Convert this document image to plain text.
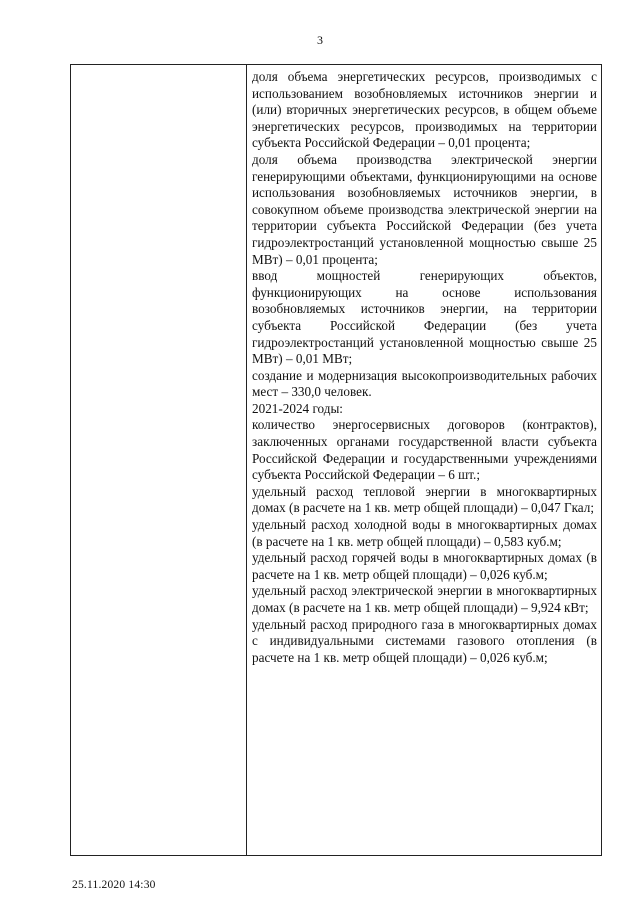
3

доля объема энергетических ресурсов, производимых с использованием возобновляемых источников энергии и (или) вторичных энергетических ресурсов, в общем объеме энергетических ресурсов, производимых на территории субъекта Российской Федерации – 0,01 процента;

доля объема производства электрической энергии генерирующими объектами, функционирующими на основе использования возобновляемых источников энергии, в совокупном объеме производства электрической энергии на территории субъекта Российской Федерации (без учета гидроэлектростанций установленной мощностью свыше 25 МВт) – 0,01 процента;

ввод мощностей генерирующих объектов, функционирующих на основе использования возобновляемых источников энергии, на территории субъекта Российской Федерации (без учета гидроэлектростанций установленной мощностью свыше 25 МВт) – 0,01 МВт;

создание и модернизация высокопроизводительных рабочих мест – 330,0 человек.

2021-2024 годы:

количество энергосервисных договоров (контрактов), заключенных органами государственной власти субъекта Российской Федерации и государственными учреждениями субъекта Российской Федерации – 6 шт.;

удельный расход тепловой энергии в многоквартирных домах (в расчете на 1 кв. метр общей площади) – 0,047 Гкал;

удельный расход холодной воды в многоквартирных домах (в расчете на 1 кв. метр общей площади) – 0,583 куб.м;

удельный расход горячей воды в многоквартирных домах (в расчете на 1 кв. метр общей площади) – 0,026 куб.м;

удельный расход электрической энергии в многоквартирных домах (в расчете на 1 кв. метр общей площади) – 9,924 кВт;

удельный расход природного газа в многоквартирных домах с индивидуальными системами газового отопления (в расчете на 1 кв. метр общей площади) – 0,026 куб.м;

25.11.2020 14:30
